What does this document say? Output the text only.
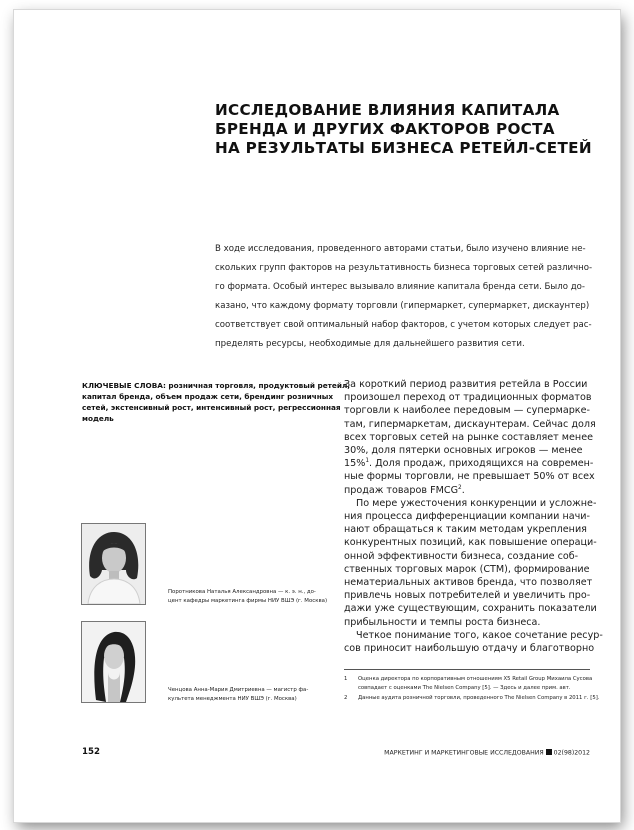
ИССЛЕДОВАНИЕ ВЛИЯНИЯ КАПИТАЛА
БРЕНДА И ДРУГИХ ФАКТОРОВ РОСТА
НА РЕЗУЛЬТАТЫ БИЗНЕСА РЕТЕЙЛ-СЕТЕЙ
В ходе исследования, проведенного авторами статьи, было изучено влияние не-
скольких групп факторов на результативность бизнеса торговых сетей различно-
го формата. Особый интерес вызывало влияние капитала бренда сети. Было до-
казано, что каждому формату торговли (гипермаркет, супермаркет, дискаунтер)
соответствует свой оптимальный набор факторов, с учетом которых следует рас-
пределять ресурсы, необходимые для дальнейшего развития сети.
КЛЮЧЕВЫЕ СЛОВА: розничная торговля, продуктовый ретейл,
капитал бренда, объем продаж сети, брендинг розничных
сетей, экстенсивный рост, интенсивный рост, регрессионная
модель
Поротникова Наталья Александровна — к. э. н., до-
цент кафедры маркетинга фирмы НИУ ВШЭ (г. Москва)
Ченцова Анна-Мария Дмитриевна — магистр фа-
культета менеджмента НИУ ВШЭ (г. Москва)
За короткий период развития ретейла в России
произошел переход от традиционных форматов
торговли к наиболее передовым — супермарке-
там, гипермаркетам, дискаунтерам. Сейчас доля
всех торговых сетей на рынке составляет менее
30%, доля пятерки основных игроков — менее
15%$^1$. Доля продаж, приходящихся на современ-
ные формы торговли, не превышает 50% от всех
продаж товаров FMCG$^2$.
По мере ужесточения конкуренции и усложне-
ния процесса дифференциации компании начи-
нают обращаться к таким методам укрепления
конкурентных позиций, как повышение операци-
онной эффективности бизнеса, создание соб-
ственных торговых марок (СТМ), формирование
нематериальных активов бренда, что позволяет
привлечь новых потребителей и увеличить про-
дажи уже существующим, сохранить показатели
прибыльности и темпы роста бизнеса.
Четкое понимание того, какое сочетание ресур-
сов приносит наибольшую отдачу и благотворно
1 Оценка директора по корпоративным отношениям X5 Retail Group Михаила Сусова
совпадает с оценками The Nielsen Company [5]. — Здесь и далее прим. авт.
2 Данные аудита розничной торговли, проведенного The Nielsen Company в 2011 г. [5].
152	МАРКЕТИНГ И МАРКЕТИНГОВЫЕ ИССЛЕДОВАНИЯ 02(98)2012
